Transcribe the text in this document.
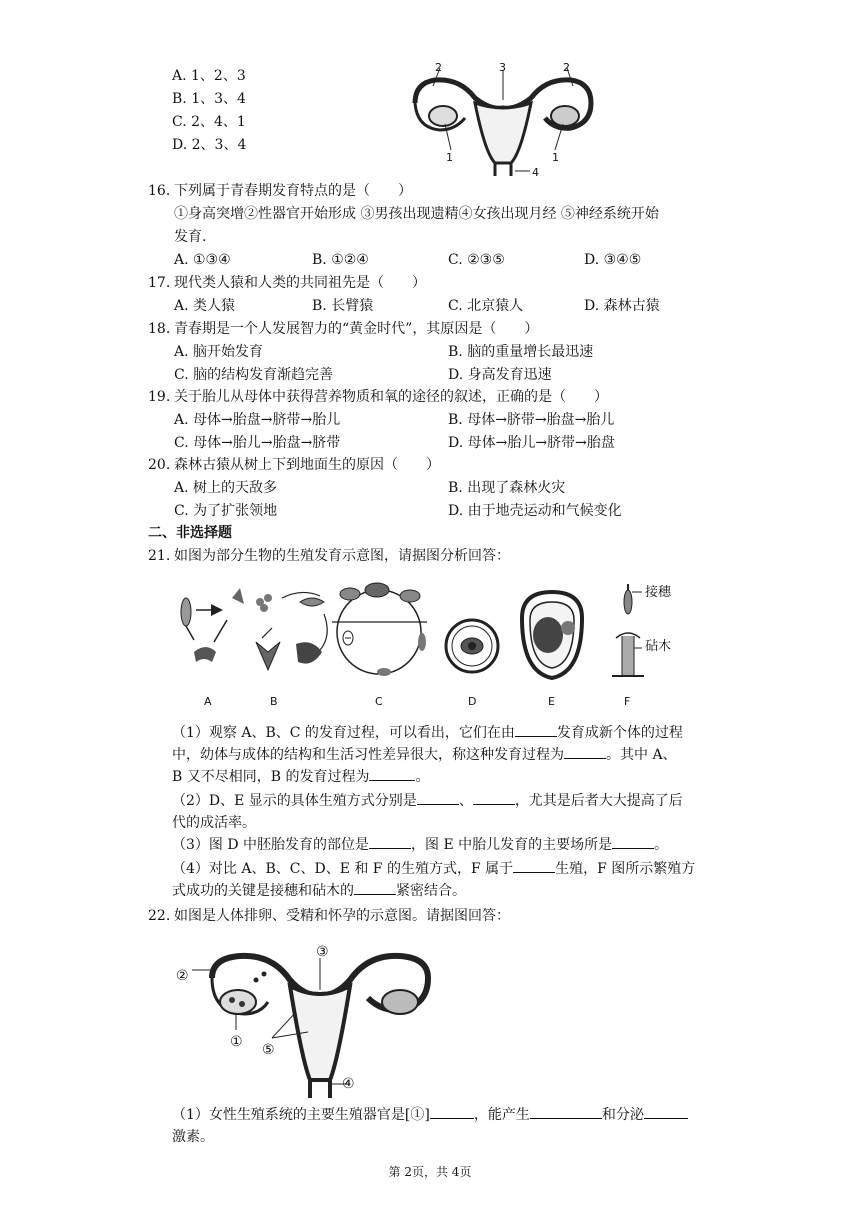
A. 1、2、3
B. 1、3、4
C. 2、4、1
D. 2、3、4
2	3	2
1	1
4
16. 下列属于青春期发育特点的是（　　）
①身高突增②性器官开始形成 ③男孩出现遗精④女孩出现月经 ⑤神经系统开始
发育.
A. ①③④	B. ①②④	C. ②③⑤	D. ③④⑤
17. 现代类人猿和人类的共同祖先是（　　）
A. 类人猿	B. 长臂猿	C. 北京猿人	D. 森林古猿
18. 青春期是一个人发展智力的“黄金时代”，其原因是（　　）
A. 脑开始发育	B. 脑的重量增长最迅速
C. 脑的结构发育渐趋完善	D. 身高发育迅速
19. 关于胎儿从母体中获得营养物质和氧的途径的叙述，正确的是（　　）
A. 母体→胎盘→脐带→胎儿	B. 母体→脐带→胎盘→胎儿
C. 母体→胎儿→胎盘→脐带	D. 母体→胎儿→脐带→胎盘
20. 森林古猿从树上下到地面生的原因（　　）
A. 树上的天敌多	B. 出现了森林火灾
C. 为了扩张领地	D. 由于地壳运动和气候变化
二、非选择题
21. 如图为部分生物的生殖发育示意图，请据图分析回答：
接穗
砧木
A	B	C	D	E	F
（1）观察 A、B、C 的发育过程，可以看出，它们在由	发育成新个体的过程
中，幼体与成体的结构和生活习性差异很大，称这种发育过程为	。其中 A、
B 又不尽相同，B 的发育过程为	。
（2）D、E 显示的具体生殖方式分别是	、	，尤其是后者大大提高了后
代的成活率。
（3）图 D 中胚胎发育的部位是	，图 E 中胎儿发育的主要场所是	。
（4）对比 A、B、C、D、E 和 F 的生殖方式，F 属于	生殖，F 图所示繁殖方
式成功的关键是接穗和砧木的	紧密结合。
22. 如图是人体排卵、受精和怀孕的示意图。请据图回答：
③
②
① ⑤
④
（1）女性生殖系统的主要生殖器官是[①]	，能产生	和分泌
激素。
第 2页，共 4页
